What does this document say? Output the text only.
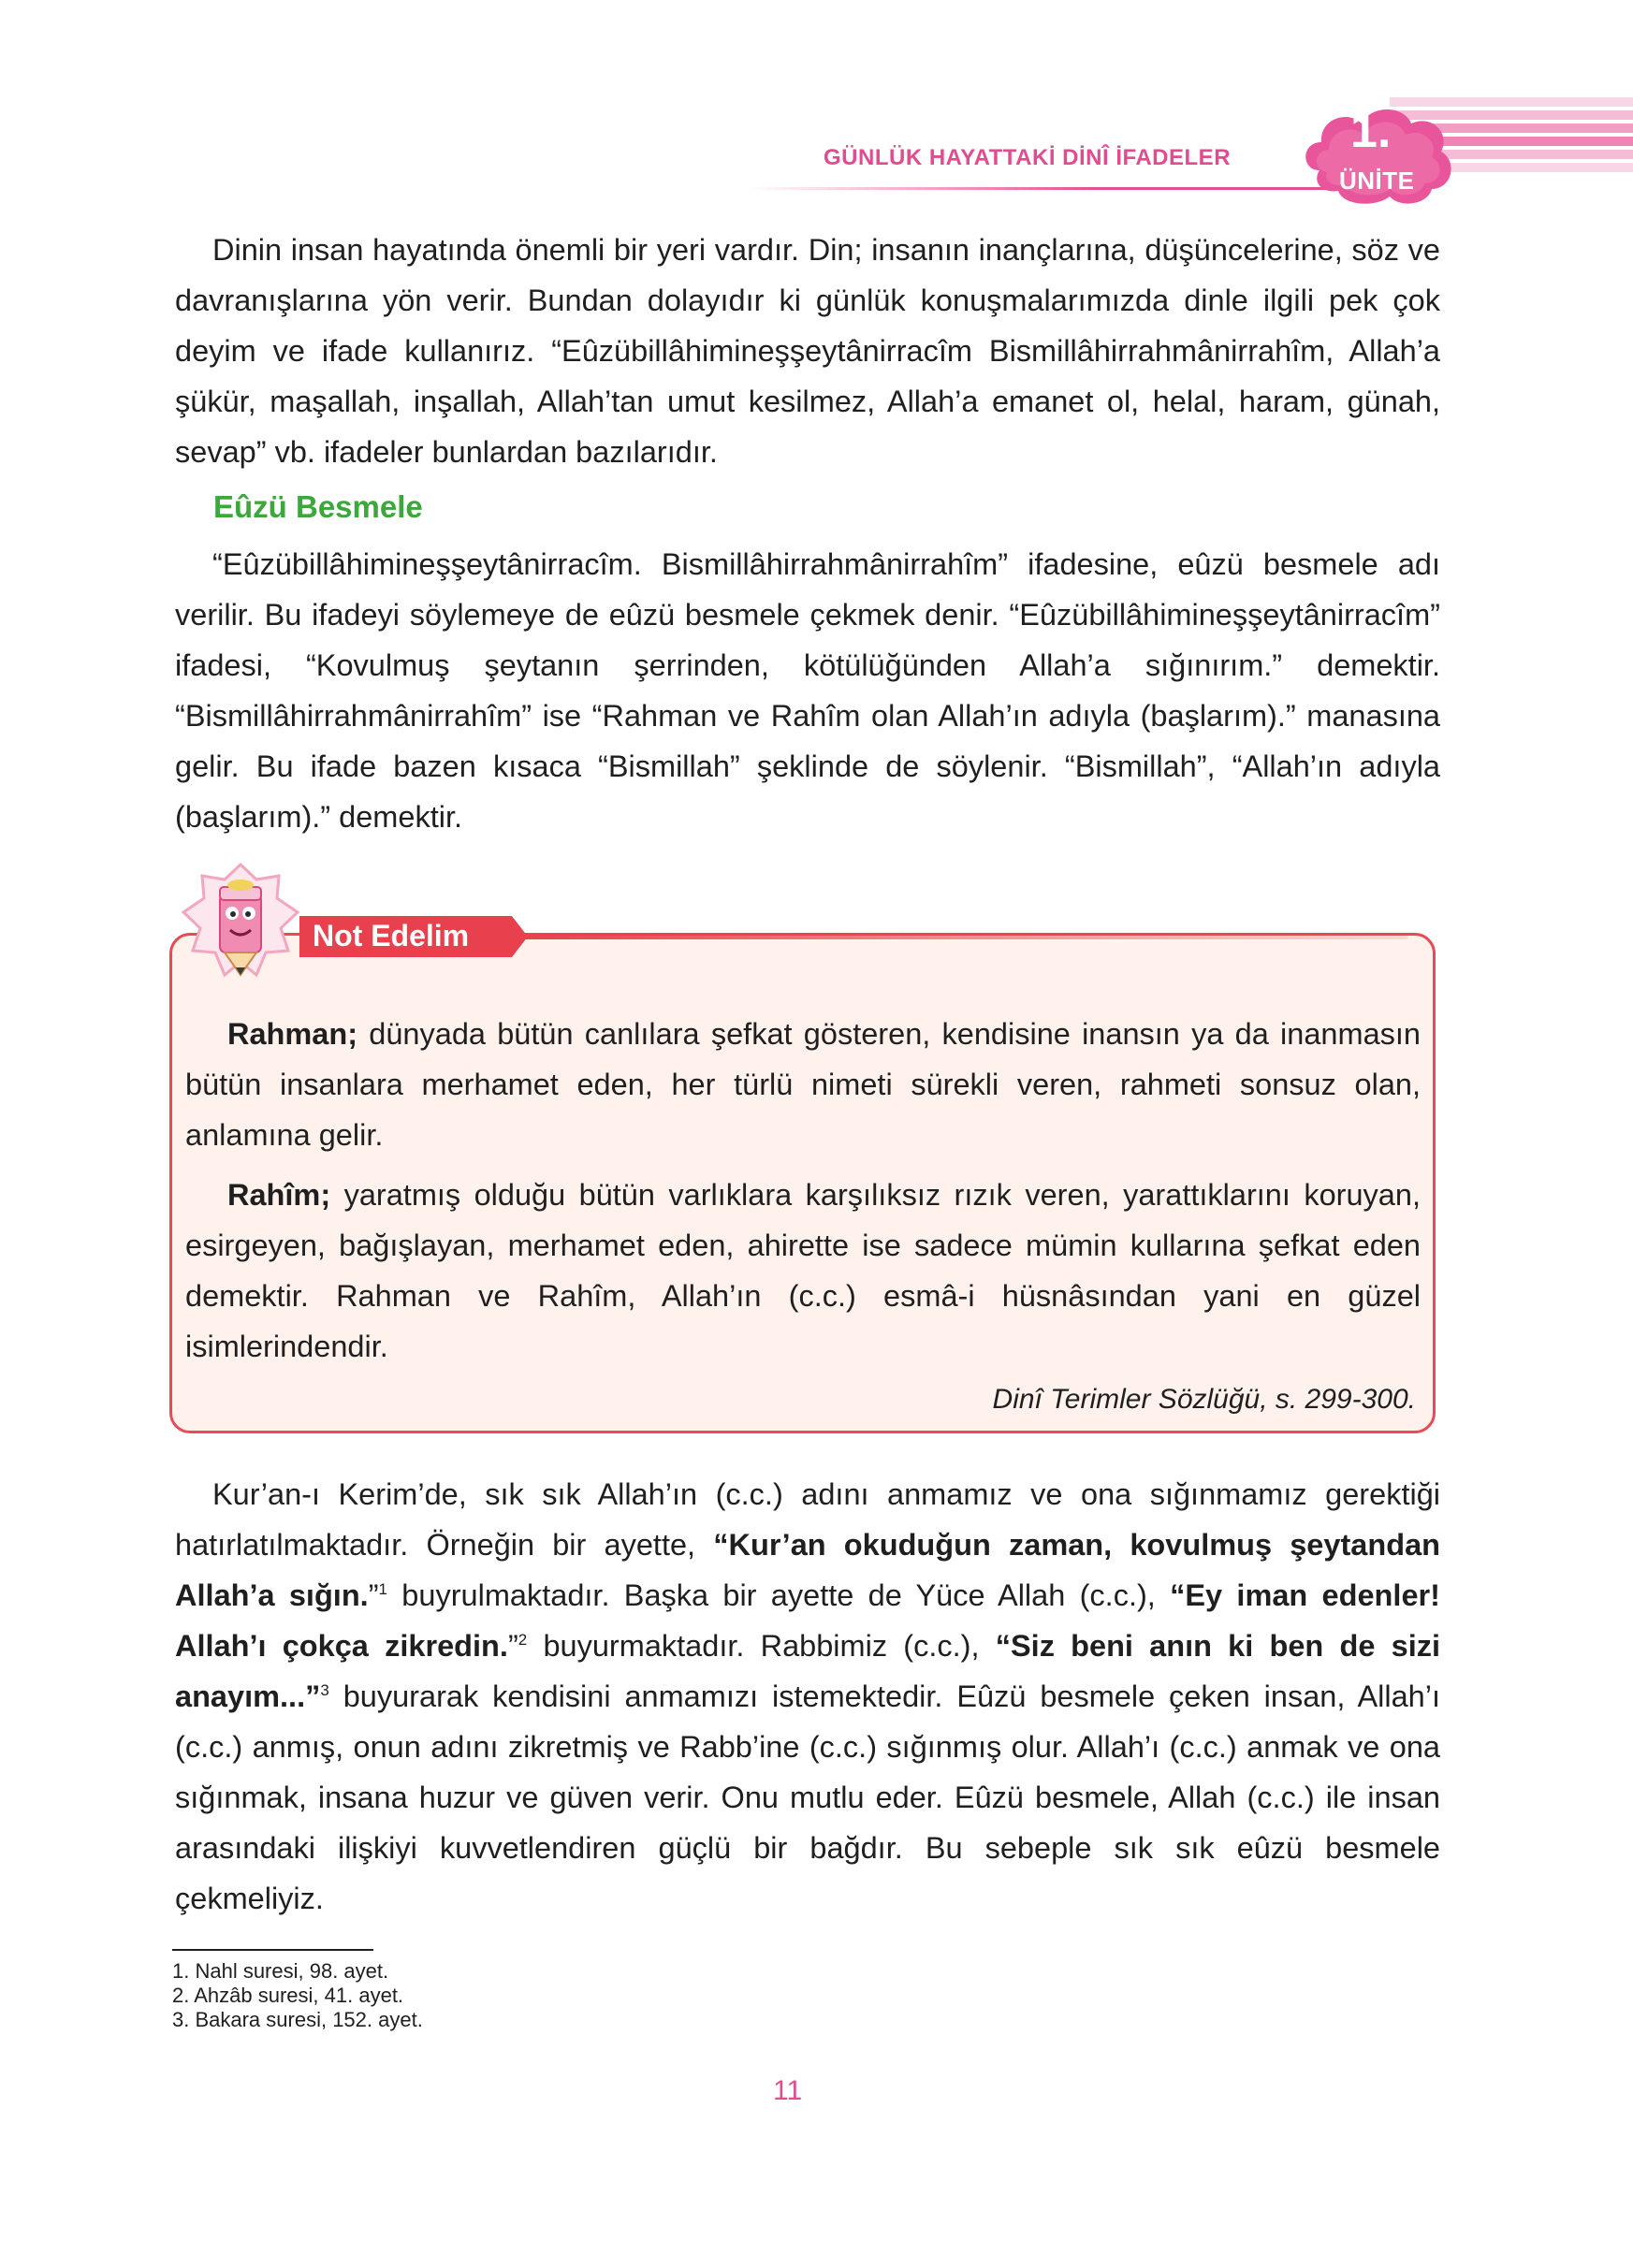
GÜNLÜK HAYATTAKİ DİNÎ İFADELER 1.
ÜNİTE

Dinin insan hayatında önemli bir yeri vardır. Din; insanın inançlarına, düşüncelerine, söz ve davranışlarına yön verir. Bundan dolayıdır ki günlük konuşmalarımızda dinle ilgili pek çok deyim ve ifade kullanırız. “Eûzübillâhimineşşeytânirracîm Bismillâhirrahmânirrahîm, Allah’a şükür, maşallah, inşallah, Allah’tan umut kesilmez, Allah’a emanet ol, helal, haram, günah, sevap” vb. ifadeler bunlardan bazılarıdır.

Eûzü Besmele

“Eûzübillâhimineşşeytânirracîm. Bismillâhirrahmânirrahîm” ifadesine, eûzü besmele adı verilir. Bu ifadeyi söylemeye de eûzü besmele çekmek denir. “Eûzübillâhimineşşeytânirracîm” ifadesi, “Kovulmuş şeytanın şerrinden, kötülüğünden Allah’a sığınırım.” demektir. “Bismillâhirrahmânirrahîm” ise “Rahman ve Rahîm olan Allah’ın adıyla (başlarım).” manasına gelir. Bu ifade bazen kısaca “Bismillah” şeklinde de söylenir. “Bismillah”, “Allah’ın adıyla (başlarım).” demektir.

Not Edelim

Rahman; dünyada bütün canlılara şefkat gösteren, kendisine inansın ya da inanmasın bütün insanlara merhamet eden, her türlü nimeti sürekli veren, rahmeti sonsuz olan, anlamına gelir.

Rahîm; yaratmış olduğu bütün varlıklara karşılıksız rızık veren, yarattıklarını koruyan, esirgeyen, bağışlayan, merhamet eden, ahirette ise sadece mümin kullarına şefkat eden demektir. Rahman ve Rahîm, Allah’ın (c.c.) esmâ-i hüsnâsından yani en güzel isimlerindendir.

Dinî Terimler Sözlüğü, s. 299-300.

Kur’an-ı Kerim’de, sık sık Allah’ın (c.c.) adını anmamız ve ona sığınmamız gerektiği hatırlatılmaktadır. Örneğin bir ayette, “Kur’an okuduğun zaman, kovulmuş şeytandan Allah’a sığın.”$^1$ buyrulmaktadır. Başka bir ayette de Yüce Allah (c.c.), “Ey iman edenler! Allah’ı çokça zikredin.”$^2$ buyurmaktadır. Rabbimiz (c.c.), “Siz beni anın ki ben de sizi anayım...”$^3$ buyurarak kendisini anmamızı istemektedir. Eûzü besmele çeken insan, Allah’ı (c.c.) anmış, onun adını zikretmiş ve Rabb’ine (c.c.) sığınmış olur. Allah’ı (c.c.) anmak ve ona sığınmak, insana huzur ve güven verir. Onu mutlu eder. Eûzü besmele, Allah (c.c.) ile insan arasındaki ilişkiyi kuvvetlendiren güçlü bir bağdır. Bu sebeple sık sık eûzü besmele çekmeliyiz.

1. Nahl suresi, 98. ayet.
2. Ahzâb suresi, 41. ayet.
3. Bakara suresi, 152. ayet.
11
